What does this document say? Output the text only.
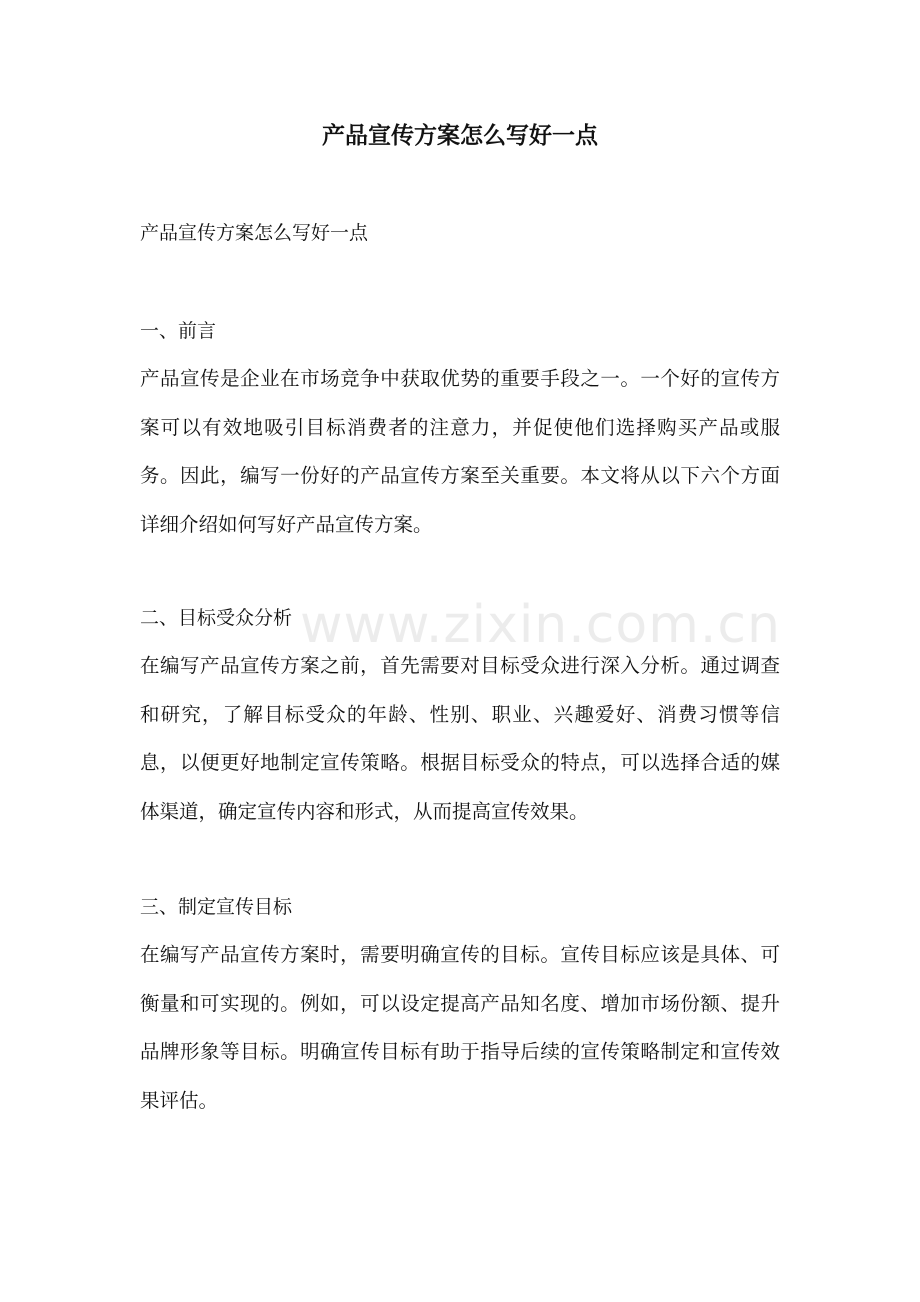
产品宣传方案怎么写好一点

产品宣传方案怎么写好一点

一、前言

产品宣传是企业在市场竞争中获取优势的重要手段之一。一个好的宣传方案可以有效地吸引目标消费者的注意力，并促使他们选择购买产品或服务。因此，编写一份好的产品宣传方案至关重要。本文将从以下六个方面详细介绍如何写好产品宣传方案。

二、目标受众分析

在编写产品宣传方案之前，首先需要对目标受众进行深入分析。通过调查和研究，了解目标受众的年龄、性别、职业、兴趣爱好、消费习惯等信息，以便更好地制定宣传策略。根据目标受众的特点，可以选择合适的媒体渠道，确定宣传内容和形式，从而提高宣传效果。

三、制定宣传目标

在编写产品宣传方案时，需要明确宣传的目标。宣传目标应该是具体、可衡量和可实现的。例如，可以设定提高产品知名度、增加市场份额、提升品牌形象等目标。明确宣传目标有助于指导后续的宣传策略制定和宣传效果评估。

www.zixin.com.cn
